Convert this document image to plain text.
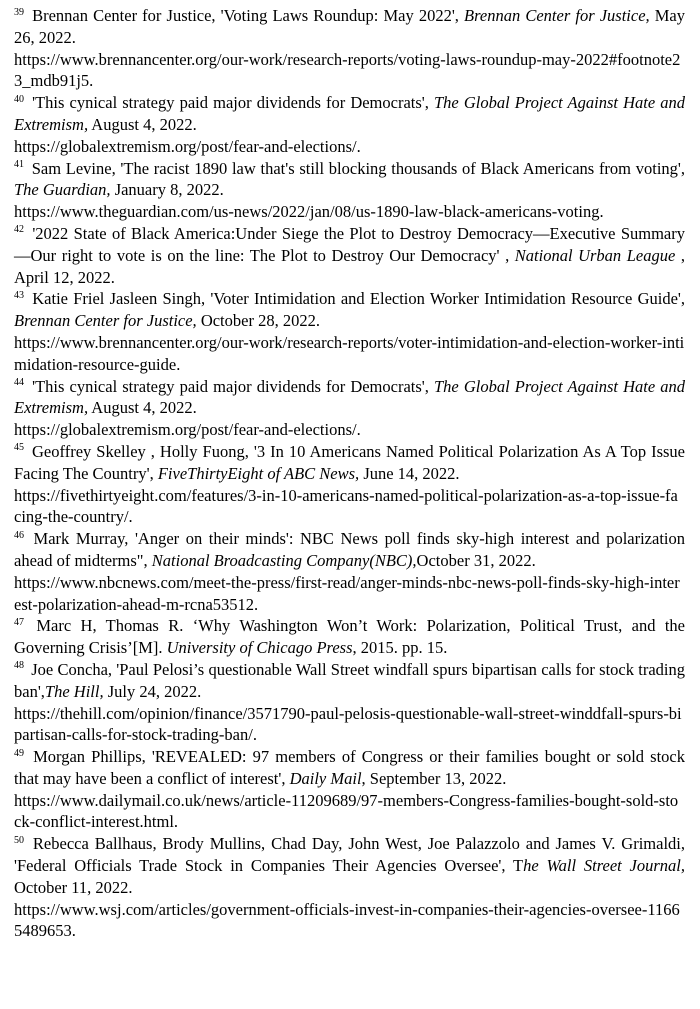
$^{39}$ Brennan Center for Justice, 'Voting Laws Roundup: May 2022', Brennan Center for Justice, May 26, 2022.
https://www.brennancenter.org/our-work/research-reports/voting-laws-roundup-may-2022#footnote23_mdb91j5.

$^{40}$ 'This cynical strategy paid major dividends for Democrats', The Global Project Against Hate and Extremism, August 4, 2022.
https://globalextremism.org/post/fear-and-elections/.

$^{41}$ Sam Levine, 'The racist 1890 law that's still blocking thousands of Black Americans from voting', The Guardian, January 8, 2022.
https://www.theguardian.com/us-news/2022/jan/08/us-1890-law-black-americans-voting.

$^{42}$ '2022 State of Black America:Under Siege the Plot to Destroy Democracy—Executive Summary—Our right to vote is on the line: The Plot to Destroy Our Democracy' , National Urban League , April 12, 2022.

$^{43}$ Katie Friel Jasleen Singh, 'Voter Intimidation and Election Worker Intimidation Resource Guide', Brennan Center for Justice, October 28, 2022.
https://www.brennancenter.org/our-work/research-reports/voter-intimidation-and-election-worker-intimidation-resource-guide.

$^{44}$ 'This cynical strategy paid major dividends for Democrats', The Global Project Against Hate and Extremism, August 4, 2022.
https://globalextremism.org/post/fear-and-elections/.

$^{45}$ Geoffrey Skelley , Holly Fuong, '3 In 10 Americans Named Political Polarization As A Top Issue Facing The Country', FiveThirtyEight of ABC News, June 14, 2022.
https://fivethirtyeight.com/features/3-in-10-americans-named-political-polarization-as-a-top-issue-facing-the-country/.

$^{46}$ Mark Murray, 'Anger on their minds': NBC News poll finds sky-high interest and polarization ahead of midterms", National Broadcasting Company(NBC),October 31, 2022.
https://www.nbcnews.com/meet-the-press/first-read/anger-minds-nbc-news-poll-finds-sky-high-interest-polarization-ahead-m-rcna53512.

$^{47}$ Marc H, Thomas R. ‘Why Washington Won’t Work: Polarization, Political Trust, and the Governing Crisis’[M]. University of Chicago Press, 2015. pp. 15.

$^{48}$ Joe Concha, 'Paul Pelosi’s questionable Wall Street windfall spurs bipartisan calls for stock trading ban',The Hill, July 24, 2022.
https://thehill.com/opinion/finance/3571790-paul-pelosis-questionable-wall-street-winddfall-spurs-bipartisan-calls-for-stock-trading-ban/.

$^{49}$ Morgan Phillips, 'REVEALED: 97 members of Congress or their families bought or sold stock that may have been a conflict of interest', Daily Mail, September 13, 2022.
https://www.dailymail.co.uk/news/article-11209689/97-members-Congress-families-bought-sold-stock-conflict-interest.html.

$^{50}$ Rebecca Ballhaus, Brody Mullins, Chad Day, John West, Joe Palazzolo and James V. Grimaldi, 'Federal Officials Trade Stock in Companies Their Agencies Oversee', The Wall Street Journal, October 11, 2022.
https://www.wsj.com/articles/government-officials-invest-in-companies-their-agencies-oversee-11665489653.
